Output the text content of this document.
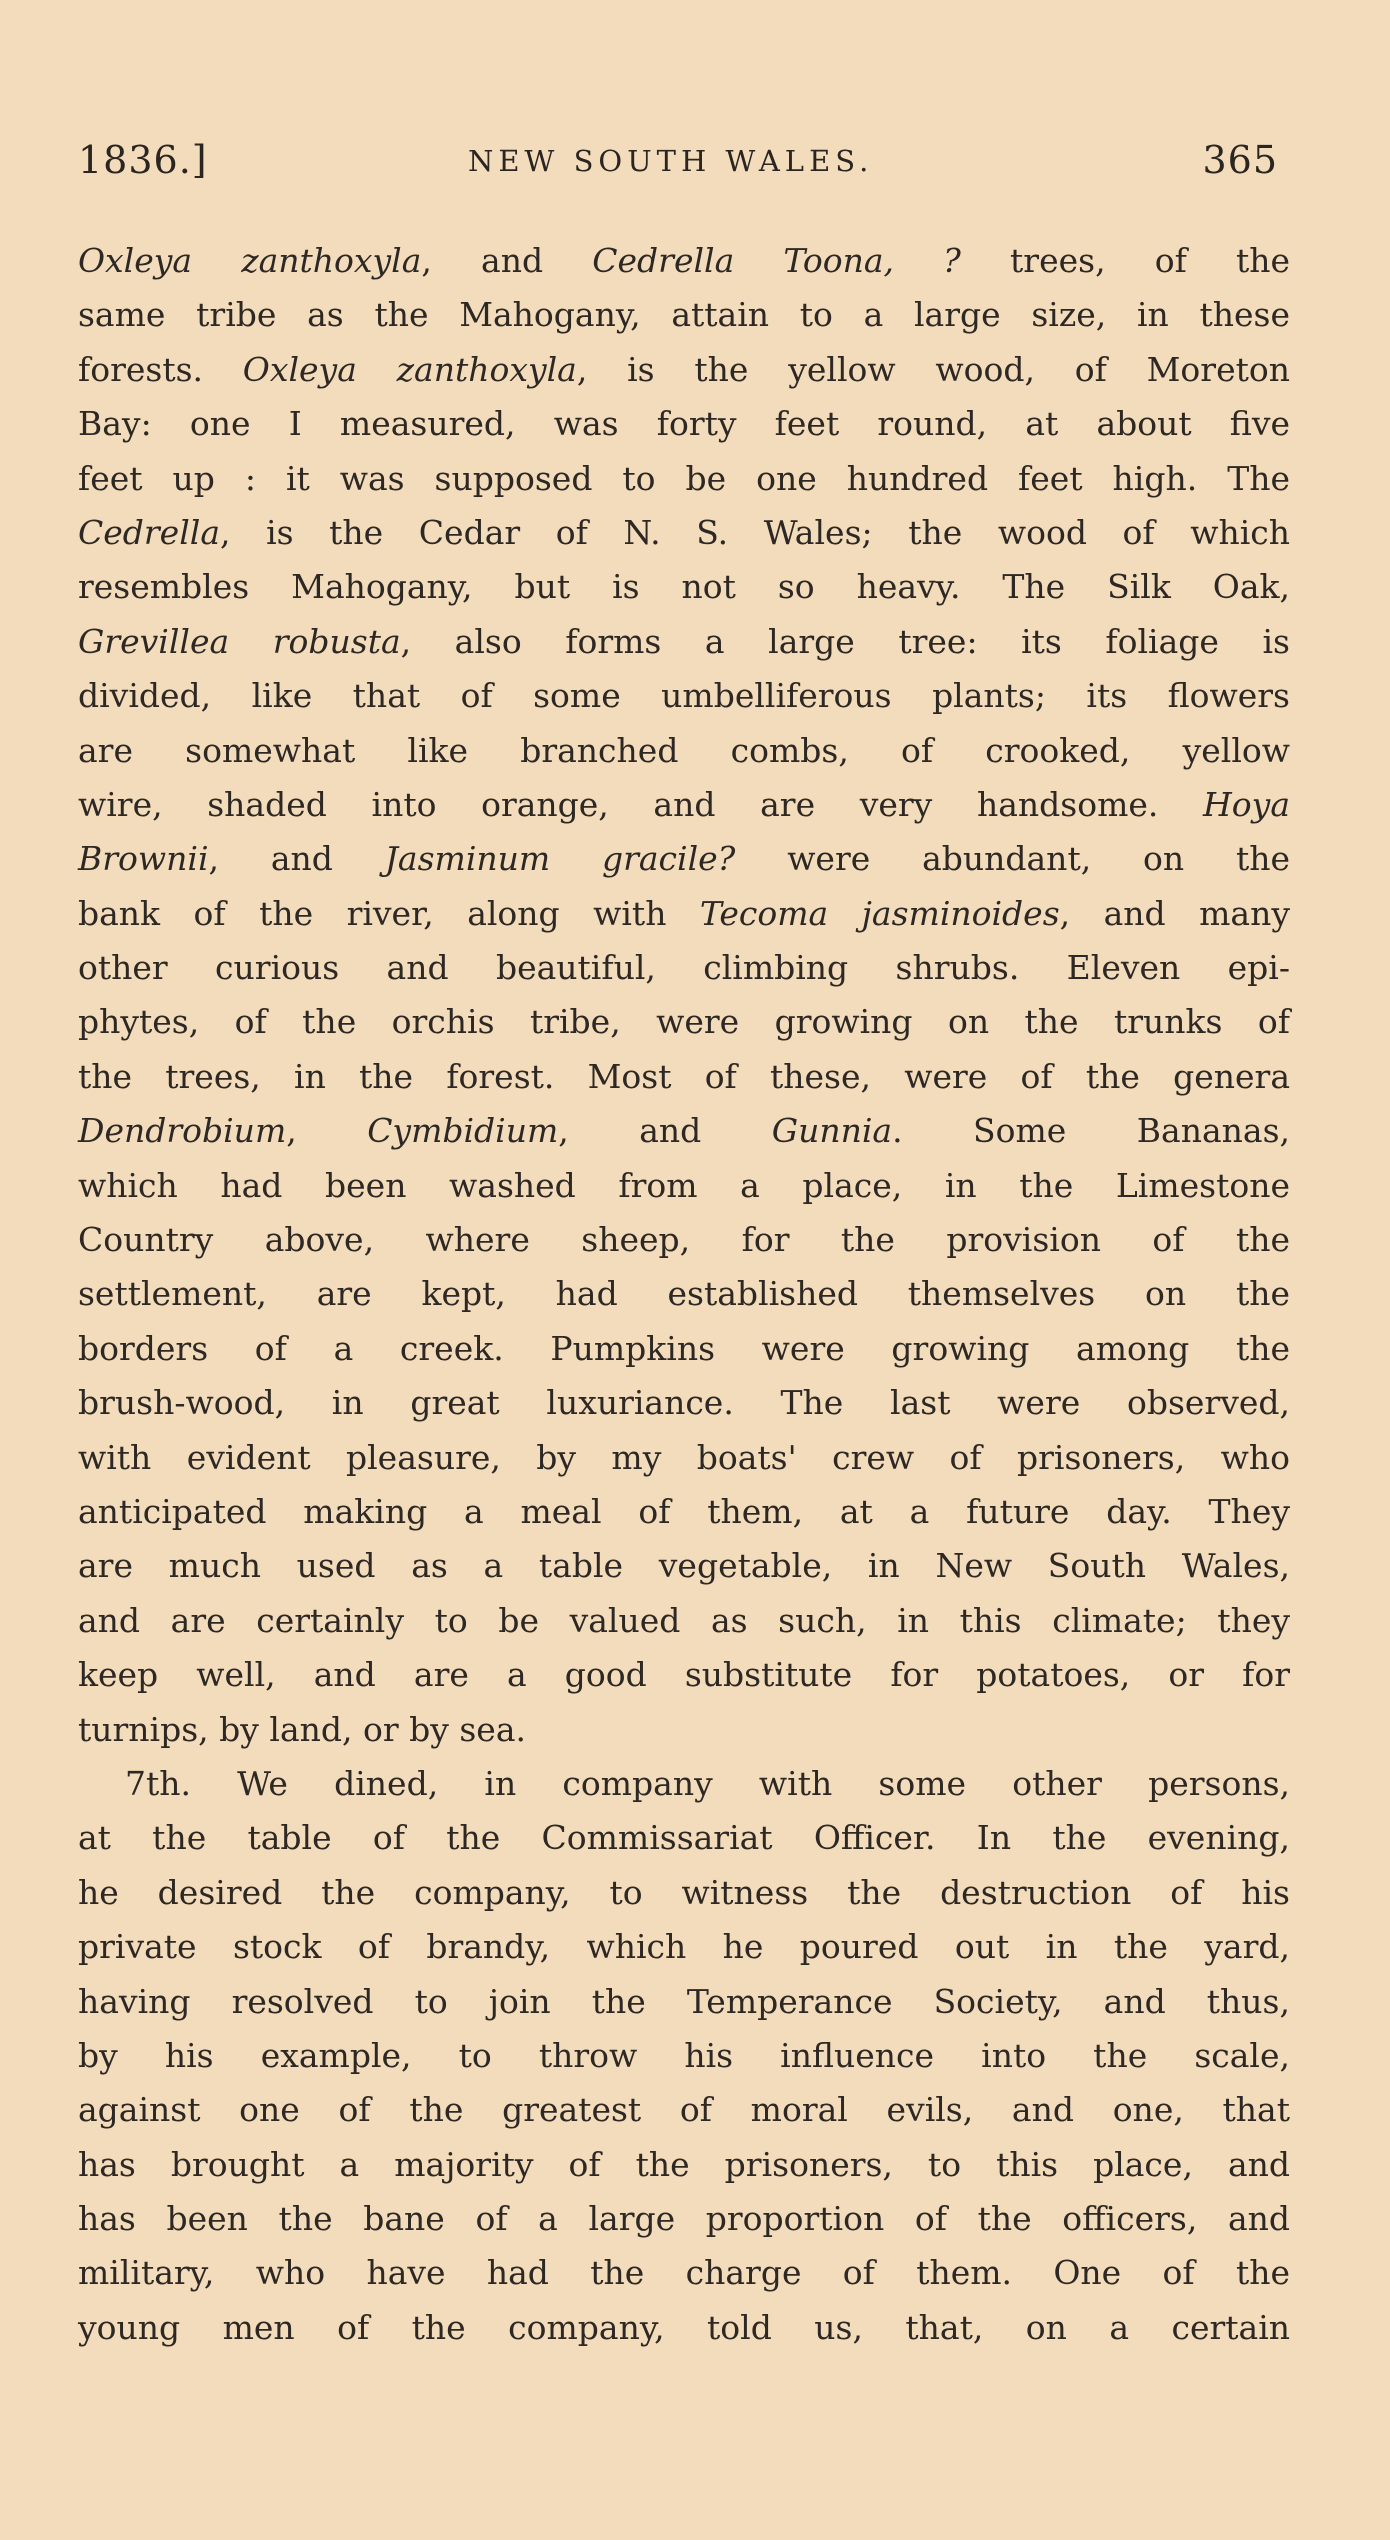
1836.]	NEW SOUTH WALES.	365
Oxleya zanthoxyla, and Cedrella Toona, ? trees, of the
same tribe as the Mahogany, attain to a large size, in these
forests. Oxleya zanthoxyla, is the yellow wood, of Moreton
Bay: one I measured, was forty feet round, at about five
feet up : it was supposed to be one hundred feet high. The
Cedrella, is the Cedar of N. S. Wales; the wood of which
resembles Mahogany, but is not so heavy. The Silk Oak,
Grevillea robusta, also forms a large tree: its foliage is
divided, like that of some umbelliferous plants; its flowers
are somewhat like branched combs, of crooked, yellow
wire, shaded into orange, and are very handsome. Hoya
Brownii, and Jasminum gracile? were abundant, on the
bank of the river, along with Tecoma jasminoides, and many
other curious and beautiful, climbing shrubs. Eleven epi-
phytes, of the orchis tribe, were growing on the trunks of
the trees, in the forest. Most of these, were of the genera
Dendrobium, Cymbidium, and Gunnia. Some Bananas,
which had been washed from a place, in the Limestone
Country above, where sheep, for the provision of the
settlement, are kept, had established themselves on the
borders of a creek. Pumpkins were growing among the
brush-wood, in great luxuriance. The last were observed,
with evident pleasure, by my boats' crew of prisoners, who
anticipated making a meal of them, at a future day. They
are much used as a table vegetable, in New South Wales,
and are certainly to be valued as such, in this climate; they
keep well, and are a good substitute for potatoes, or for
turnips, by land, or by sea.
7th. We dined, in company with some other persons,
at the table of the Commissariat Officer. In the evening,
he desired the company, to witness the destruction of his
private stock of brandy, which he poured out in the yard,
having resolved to join the Temperance Society, and thus,
by his example, to throw his influence into the scale,
against one of the greatest of moral evils, and one, that
has brought a majority of the prisoners, to this place, and
has been the bane of a large proportion of the officers, and
military, who have had the charge of them. One of the
young men of the company, told us, that, on a certain
